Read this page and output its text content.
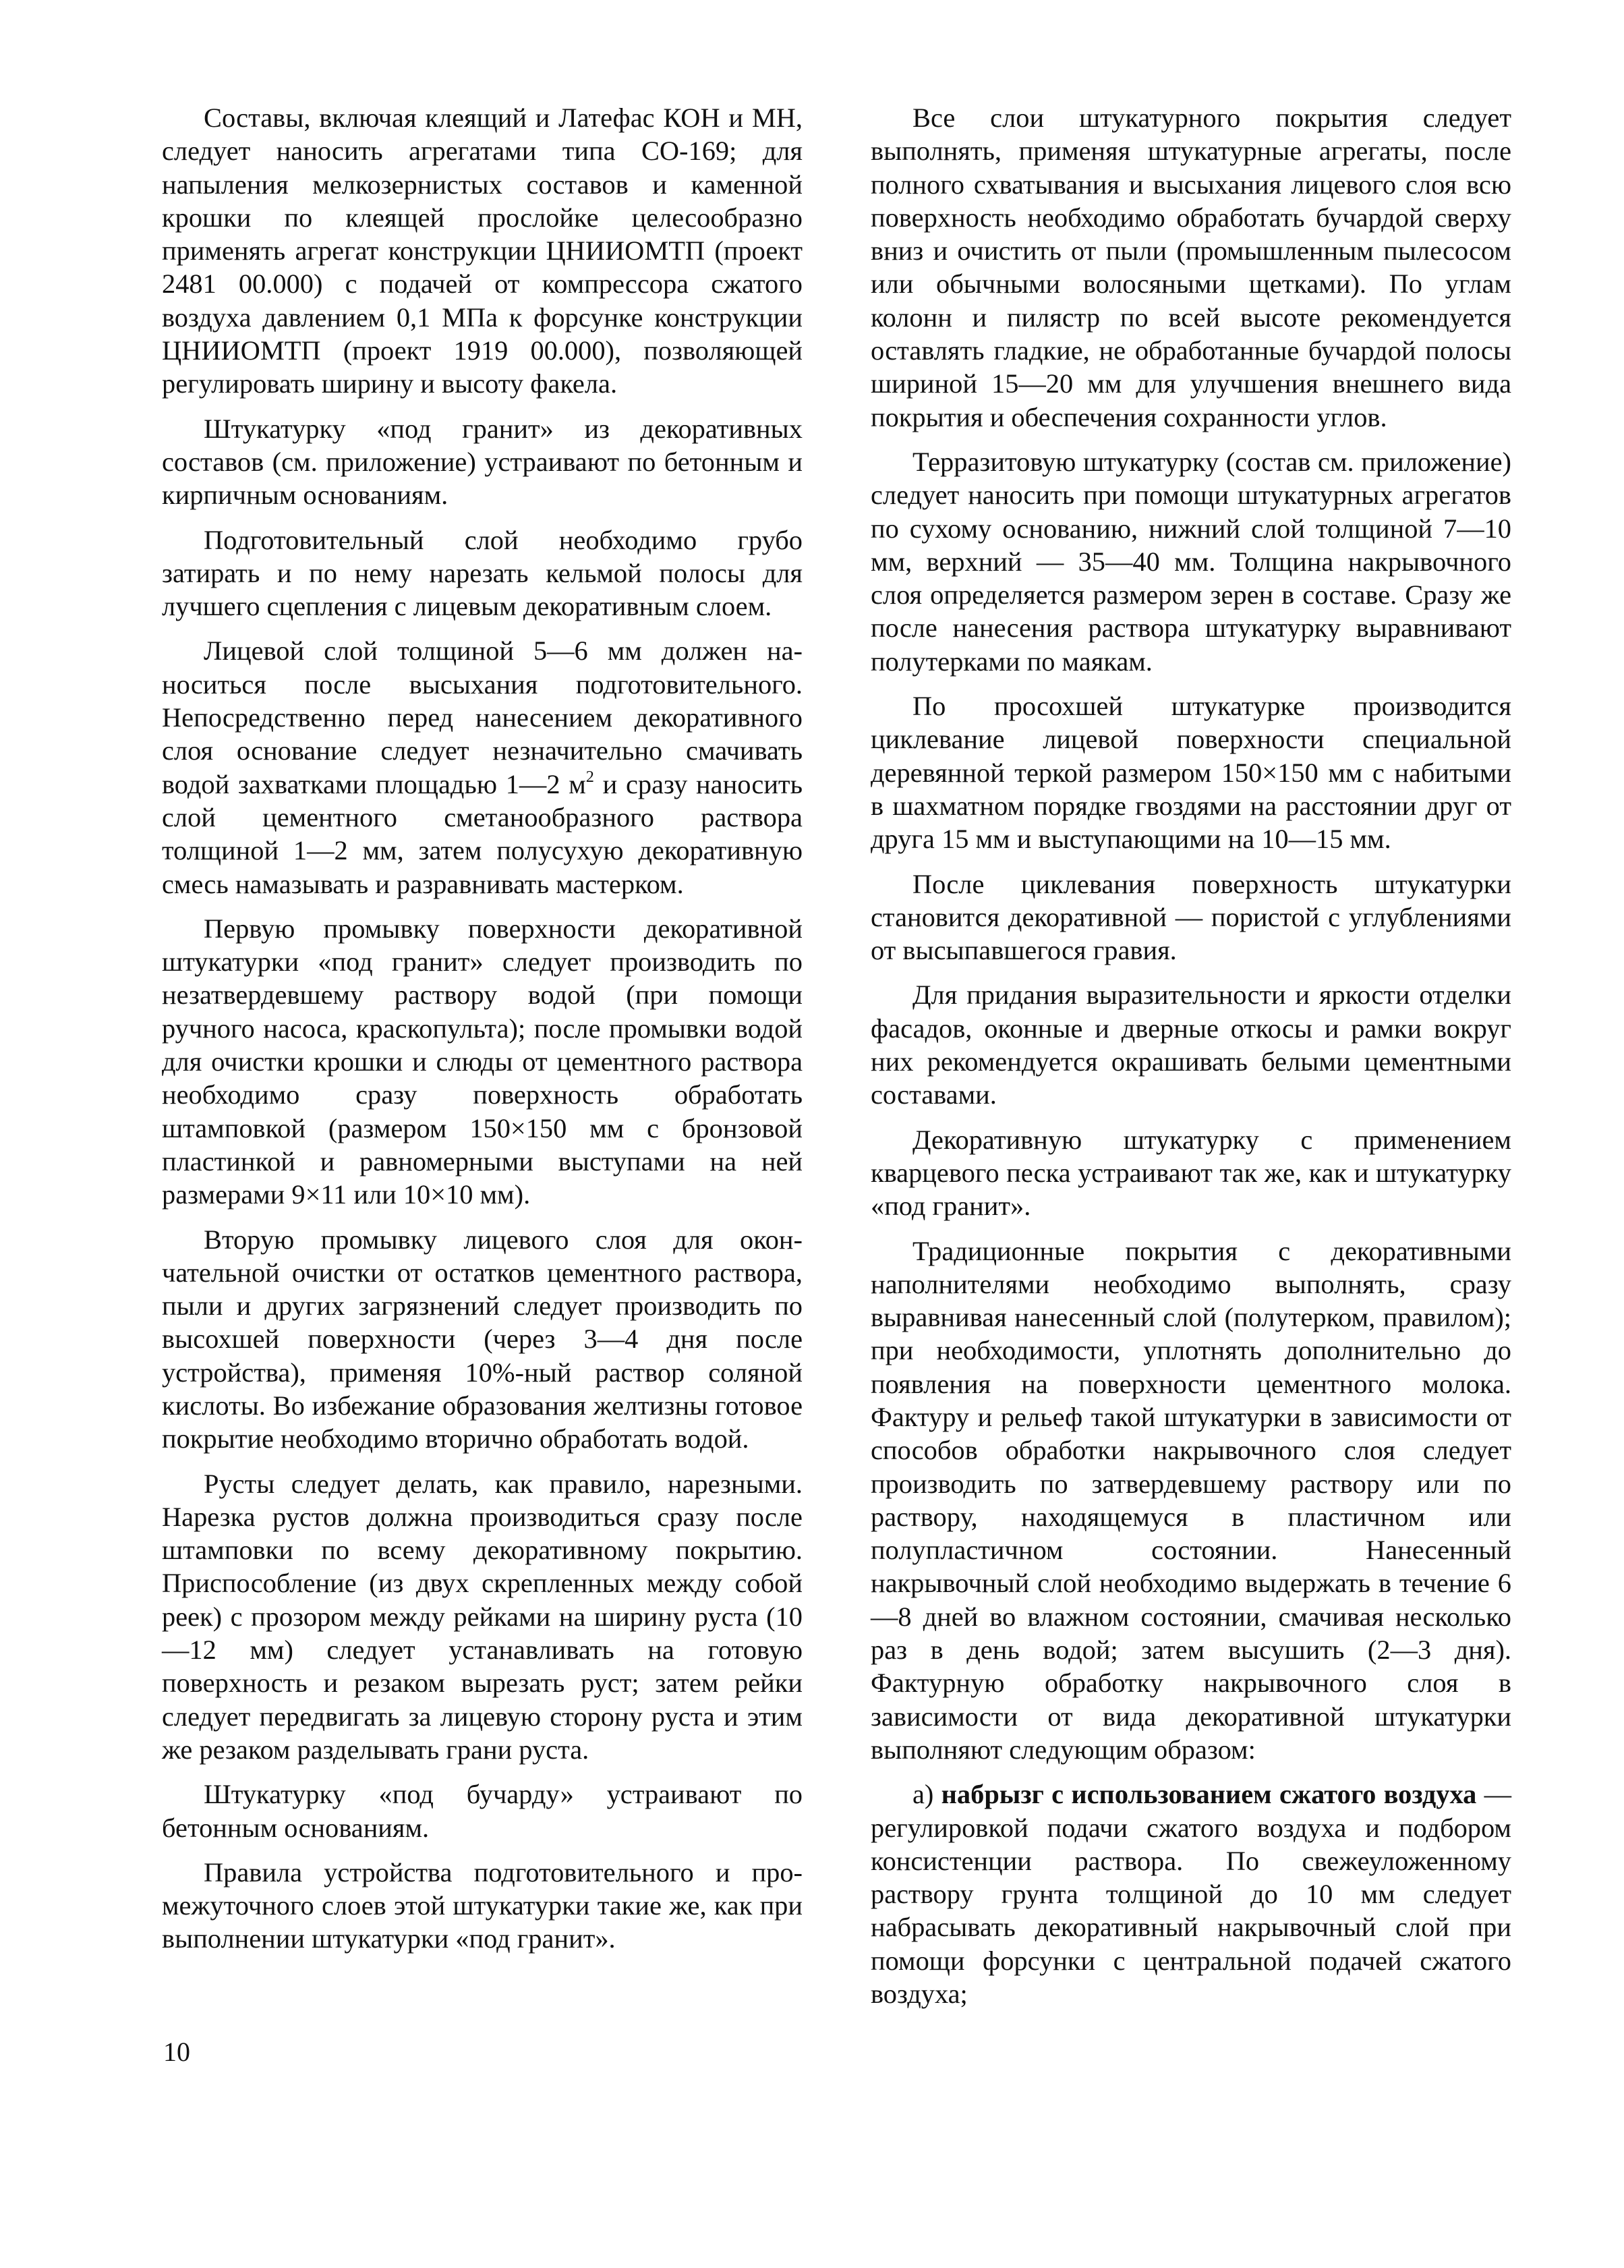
Составы, включая клеящий и Латефас КОН и МН, следует наносить агрегатами типа СО-169; для напыления мелкозернистых составов и каменной крошки по клеящей прослойке целесообразно применять агрегат конструкции ЦНИИОМТП (проект 2481 00.000) с подачей от компрессора сжатого воздуха давлением 0,1 МПа к форсунке конструкции ЦНИИОМТП (проект 1919 00.000), позволяющей регулировать ширину и высоту факела.

Штукатурку «под гранит» из декоративных составов (см. приложение) устраивают по бетонным и кирпичным основаниям.

Подготовительный слой необходимо грубо затирать и по нему нарезать кельмой полосы для лучшего сцепления с лицевым декоративным слоем.

Лицевой слой толщиной 5—6 мм должен наноситься после высыхания подготовительного. Непосредственно перед нанесением декоративного слоя основание следует незначительно смачивать водой захватками площадью 1—2 $м^2$ и сразу наносить слой цементного сметанообразного раствора толщиной 1—2 мм, затем полусухую декоративную смесь намазывать и разравнивать мастерком.

Первую промывку поверхности декоративной штукатурки «под гранит» следует производить по незатвердевшему раствору водой (при помощи ручного насоса, краскопульта); после промывки водой для очистки крошки и слюды от цементного раствора необходимо сразу поверхность обработать штамповкой (размером 150×150 мм с бронзовой пластинкой и равномерными выступами на ней размерами 9×11 или 10×10 мм).

Вторую промывку лицевого слоя для окончательной очистки от остатков цементного раствора, пыли и других загрязнений следует производить по высохшей поверхности (через 3—4 дня после устройства), применяя 10%-ный раствор соляной кислоты. Во избежание образования желтизны готовое покрытие необходимо вторично обработать водой.

Русты следует делать, как правило, нарезными. Нарезка рустов должна производиться сразу после штамповки по всему декоративному покрытию. Приспособление (из двух скрепленных между собой реек) с прозором между рейками на ширину руста (10—12 мм) следует устанавливать на готовую поверхность и резаком вырезать руст; затем рейки следует передвигать за лицевую сторону руста и этим же резаком разделывать грани руста.

Штукатурку «под бучарду» устраивают по бетонным основаниям.

Правила устройства подготовительного и промежуточного слоев этой штукатурки такие же, как при выполнении штукатурки «под гранит».

Все слои штукатурного покрытия следует выполнять, применяя штукатурные агрегаты, после полного схватывания и высыхания лицевого слоя всю поверхность необходимо обработать бучардой сверху вниз и очистить от пыли (промышленным пылесосом или обычными волосяными щетками). По углам колонн и пилястр по всей высоте рекомендуется оставлять гладкие, не обработанные бучардой полосы шириной 15—20 мм для улучшения внешнего вида покрытия и обеспечения сохранности углов.

Терразитовую штукатурку (состав см. приложение) следует наносить при помощи штукатурных агрегатов по сухому основанию, нижний слой толщиной 7—10 мм, верхний — 35—40 мм. Толщина накрывочного слоя определяется размером зерен в составе. Сразу же после нанесения раствора штукатурку выравнивают полутерками по маякам.

По просохшей штукатурке производится циклевание лицевой поверхности специальной деревянной теркой размером 150×150 мм с набитыми в шахматном порядке гвоздями на расстоянии друг от друга 15 мм и выступающими на 10—15 мм.

После циклевания поверхность штукатурки становится декоративной — пористой с углублениями от высыпавшегося гравия.

Для придания выразительности и яркости отделки фасадов, оконные и дверные откосы и рамки вокруг них рекомендуется окрашивать белыми цементными составами.

Декоративную штукатурку с применением кварцевого песка устраивают так же, как и штукатурку «под гранит».

Традиционные покрытия с декоративными наполнителями необходимо выполнять, сразу выравнивая нанесенный слой (полутерком, правилом); при необходимости, уплотнять дополнительно до появления на поверхности цементного молока. Фактуру и рельеф такой штукатурки в зависимости от способов обработки накрывочного слоя следует производить по затвердевшему раствору или по раствору, находящемуся в пластичном или полупластичном состоянии. Нанесенный накрывочный слой необходимо выдержать в течение 6—8 дней во влажном состоянии, смачивая несколько раз в день водой; затем высушить (2—3 дня). Фактурную обработку накрывочного слоя в зависимости от вида декоративной штукатурки выполняют следующим образом:

а) набрызг с использованием сжатого воздуха — регулировкой подачи сжатого воздуха и подбором консистенции раствора. По свежеуложенному раствору грунта толщиной до 10 мм следует набрасывать декоративный накрывочный слой при помощи форсунки с центральной подачей сжатого воздуха;

10
